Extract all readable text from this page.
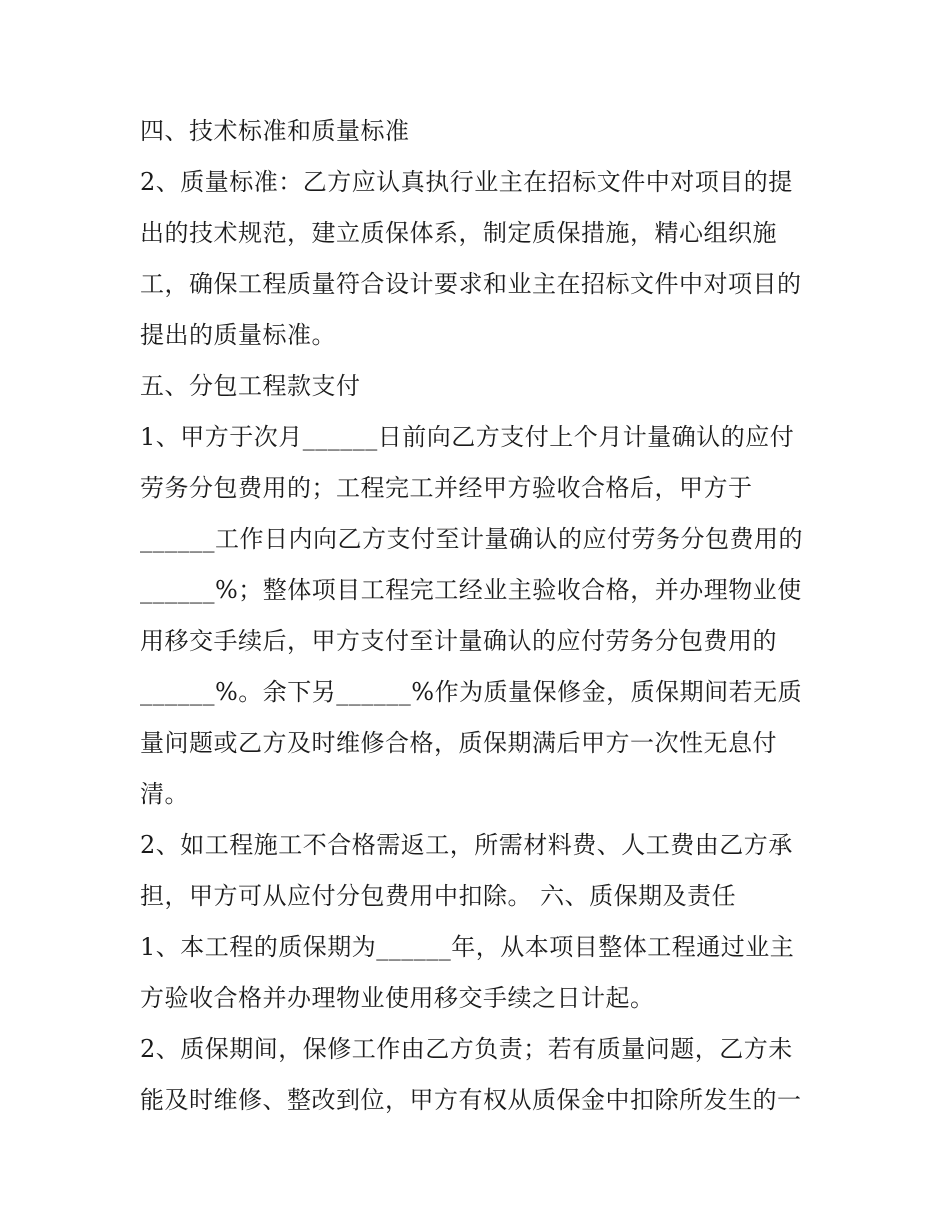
四、技术标准和质量标准
2、质量标准：乙方应认真执行业主在招标文件中对项目的提
出的技术规范，建立质保体系，制定质保措施，精心组织施
工，确保工程质量符合设计要求和业主在招标文件中对项目的
提出的质量标准。
五、分包工程款支付
1、甲方于次月______日前向乙方支付上个月计量确认的应付
劳务分包费用的；工程完工并经甲方验收合格后，甲方于
______工作日内向乙方支付至计量确认的应付劳务分包费用的
______%；整体项目工程完工经业主验收合格，并办理物业使
用移交手续后，甲方支付至计量确认的应付劳务分包费用的
______%。余下另______%作为质量保修金，质保期间若无质
量问题或乙方及时维修合格，质保期满后甲方一次性无息付
清。
2、如工程施工不合格需返工，所需材料费、人工费由乙方承
担，甲方可从应付分包费用中扣除。 六、质保期及责任
1、本工程的质保期为______年，从本项目整体工程通过业主
方验收合格并办理物业使用移交手续之日计起。
2、质保期间，保修工作由乙方负责；若有质量问题，乙方未
能及时维修、整改到位，甲方有权从质保金中扣除所发生的一
